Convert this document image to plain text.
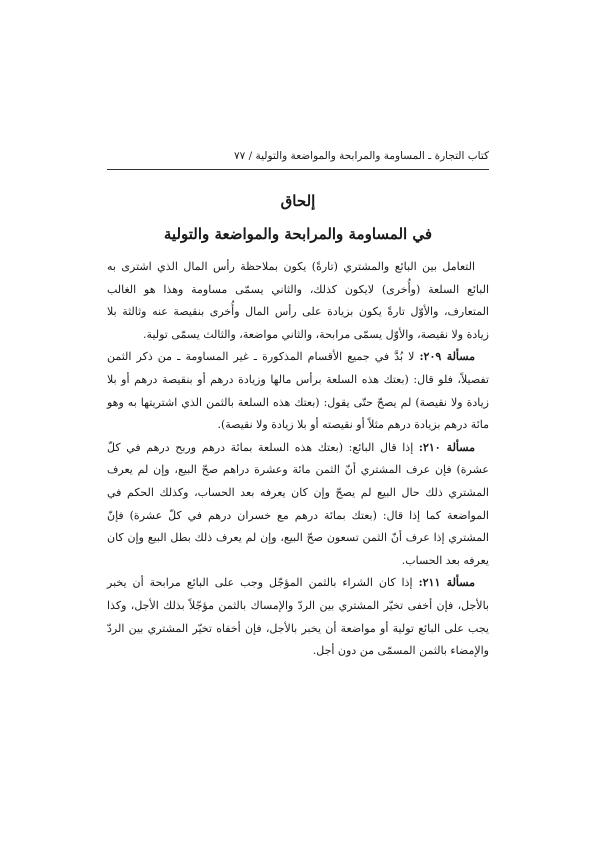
كتاب التجارة ـ المساومة والمرابحة والمواضعة والتولية / ٧٧
إلحاق
في المساومة والمرابحة والمواضعة والتولية

التعامل بين البائع والمشتري (تارةً) يكون بملاحظة رأس المال الذي اشترى به البائع السلعة (وأُخرى) لايكون كذلك، والثاني يسمّى مساومة وهذا هو الغالب المتعارف، والأوّل تارةً يكون بزيادة على رأس المال وأُخرى بنقيصة عنه وثالثة بلا زيادة ولا نقيصة، والأوّل يسمّى مرابحة، والثاني مواضعة، والثالث يسمّى تولية.

مسألة ٢٠٩: لا بُدَّ في جميع الأقسام المذكورة ـ غير المساومة ـ من ذكر الثمن تفصيلاً، فلو قال: (بعتك هذه السلعة برأس مالها وزيادة درهم أو بنقيصة درهم أو بلا زيادة ولا نقيصة) لم يصحّ حتّى يقول: (بعتك هذه السلعة بالثمن الذي اشتريتها به وهو مائة درهم بزيادة درهم مثلاً أو نقيصته أو بلا زيادة ولا نقيصة).

مسألة ٢١٠: إذا قال البائع: (بعتك هذه السلعة بمائة درهم وربح درهم في كلّ عشرة) فإن عرف المشتري أنّ الثمن مائة وعشرة دراهم صحّ البيع، وإن لم يعرف المشتري ذلك حال البيع لم يصحّ وإن كان يعرفه بعد الحساب، وكذلك الحكم في المواضعة كما إذا قال: (بعتك بمائة درهم مع خسران درهم في كلّ عشرة) فإنّ المشتري إذا عرف أنّ الثمن تسعون صحّ البيع، وإن لم يعرف ذلك بطل البيع وإن كان يعرفه بعد الحساب.

مسألة ٢١١: إذا كان الشراء بالثمن المؤجّل وجب على البائع مرابحة أن يخبر بالأجل، فإن أخفى تخيّر المشتري بين الردّ والإمساك بالثمن مؤجّلاً بذلك الأجل، وكذا يجب على البائع تولية أو مواضعة أن يخبر بالأجل، فإن أخفاه تخيّر المشتري بين الردّ والإمضاء بالثمن المسمّى من دون أجل.
